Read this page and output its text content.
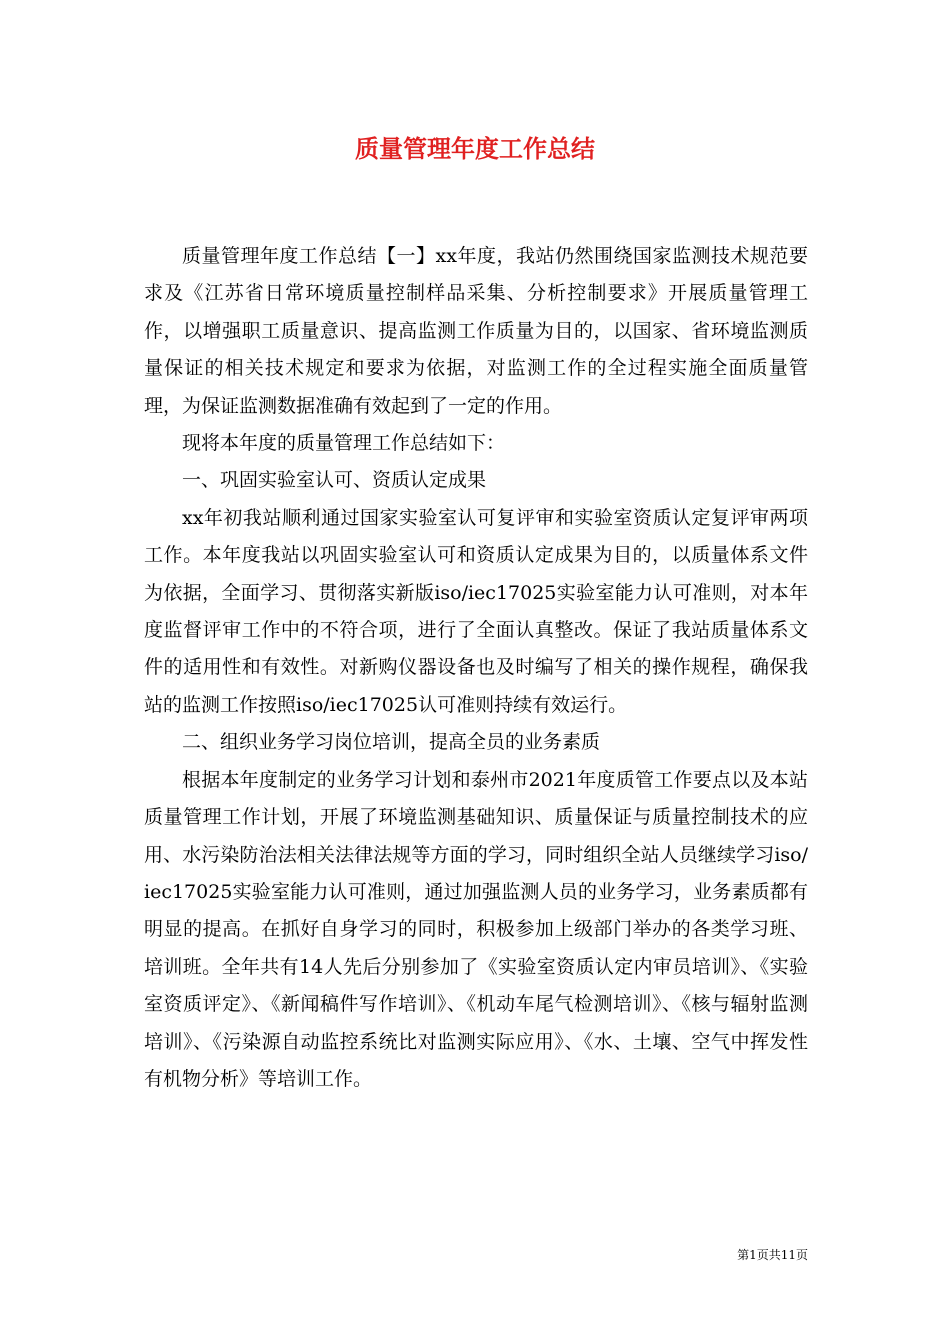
质量管理年度工作总结

质量管理年度工作总结【一】xx年度，我站仍然围绕国家监测技术规范要求及《江苏省日常环境质量控制样品采集、分析控制要求》开展质量管理工作，以增强职工质量意识、提高监测工作质量为目的，以国家、省环境监测质量保证的相关技术规定和要求为依据，对监测工作的全过程实施全面质量管理，为保证监测数据准确有效起到了一定的作用。

现将本年度的质量管理工作总结如下：

一、巩固实验室认可、资质认定成果

xx年初我站顺利通过国家实验室认可复评审和实验室资质认定复评审两项工作。本年度我站以巩固实验室认可和资质认定成果为目的，以质量体系文件为依据，全面学习、贯彻落实新版iso/iec17025实验室能力认可准则，对本年度监督评审工作中的不符合项，进行了全面认真整改。保证了我站质量体系文件的适用性和有效性。对新购仪器设备也及时编写了相关的操作规程，确保我站的监测工作按照iso/iec17025认可准则持续有效运行。

二、组织业务学习岗位培训，提高全员的业务素质

根据本年度制定的业务学习计划和泰州市2021年度质管工作要点以及本站质量管理工作计划，开展了环境监测基础知识、质量保证与质量控制技术的应用、水污染防治法相关法律法规等方面的学习，同时组织全站人员继续学习iso/iec17025实验室能力认可准则，通过加强监测人员的业务学习，业务素质都有明显的提高。在抓好自身学习的同时，积极参加上级部门举办的各类学习班、培训班。全年共有14人先后分别参加了《实验室资质认定内审员培训》、《实验室资质评定》、《新闻稿件写作培训》、《机动车尾气检测培训》、《核与辐射监测培训》、《污染源自动监控系统比对监测实际应用》、《水、土壤、空气中挥发性有机物分析》等培训工作。

第1页共11页
